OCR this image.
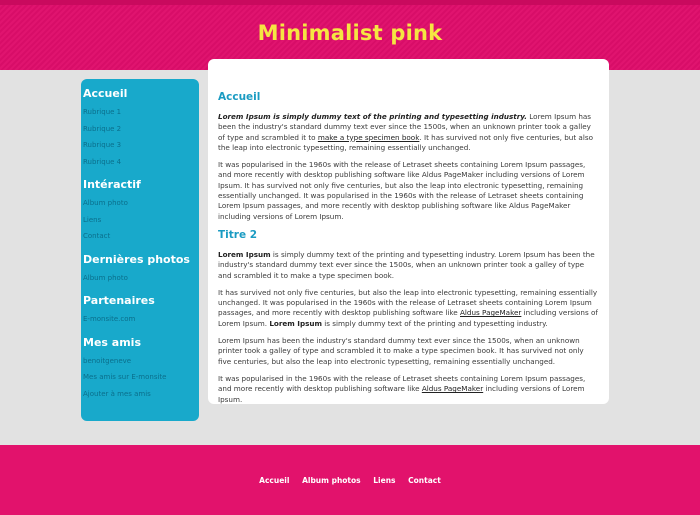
Minimalist pink
Accueil
Rubrique 1
Rubrique 2
Rubrique 3
Rubrique 4
Intéractif
Album photo
Liens
Contact
Dernières photos
Album photo
Partenaires
E-monsite.com
Mes amis
benoitgeneve
Mes amis sur E-monsite
Ajouter à mes amis
Accueil

Lorem Ipsum is simply dummy text of the printing and typesetting industry. Lorem Ipsum has been the industry's standard dummy text ever since the 1500s, when an unknown printer took a galley of type and scrambled it to make a type specimen book. It has survived not only five centuries, but also the leap into electronic typesetting, remaining essentially unchanged.

It was popularised in the 1960s with the release of Letraset sheets containing Lorem Ipsum passages, and more recently with desktop publishing software like Aldus PageMaker including versions of Lorem Ipsum. It has survived not only five centuries, but also the leap into electronic typesetting, remaining essentially unchanged. It was popularised in the 1960s with the release of Letraset sheets containing Lorem Ipsum passages, and more recently with desktop publishing software like Aldus PageMaker including versions of Lorem Ipsum.

Titre 2

Lorem Ipsum is simply dummy text of the printing and typesetting industry. Lorem Ipsum has been the industry's standard dummy text ever since the 1500s, when an unknown printer took a galley of type and scrambled it to make a type specimen book.

It has survived not only five centuries, but also the leap into electronic typesetting, remaining essentially unchanged. It was popularised in the 1960s with the release of Letraset sheets containing Lorem Ipsum passages, and more recently with desktop publishing software like Aldus PageMaker including versions of Lorem Ipsum. Lorem Ipsum is simply dummy text of the printing and typesetting industry.

Lorem Ipsum has been the industry's standard dummy text ever since the 1500s, when an unknown printer took a galley of type and scrambled it to make a type specimen book. It has survived not only five centuries, but also the leap into electronic typesetting, remaining essentially unchanged.

It was popularised in the 1960s with the release of Letraset sheets containing Lorem Ipsum passages, and more recently with desktop publishing software like Aldus PageMaker including versions of Lorem Ipsum.

Accueil Album photos Liens Contact
